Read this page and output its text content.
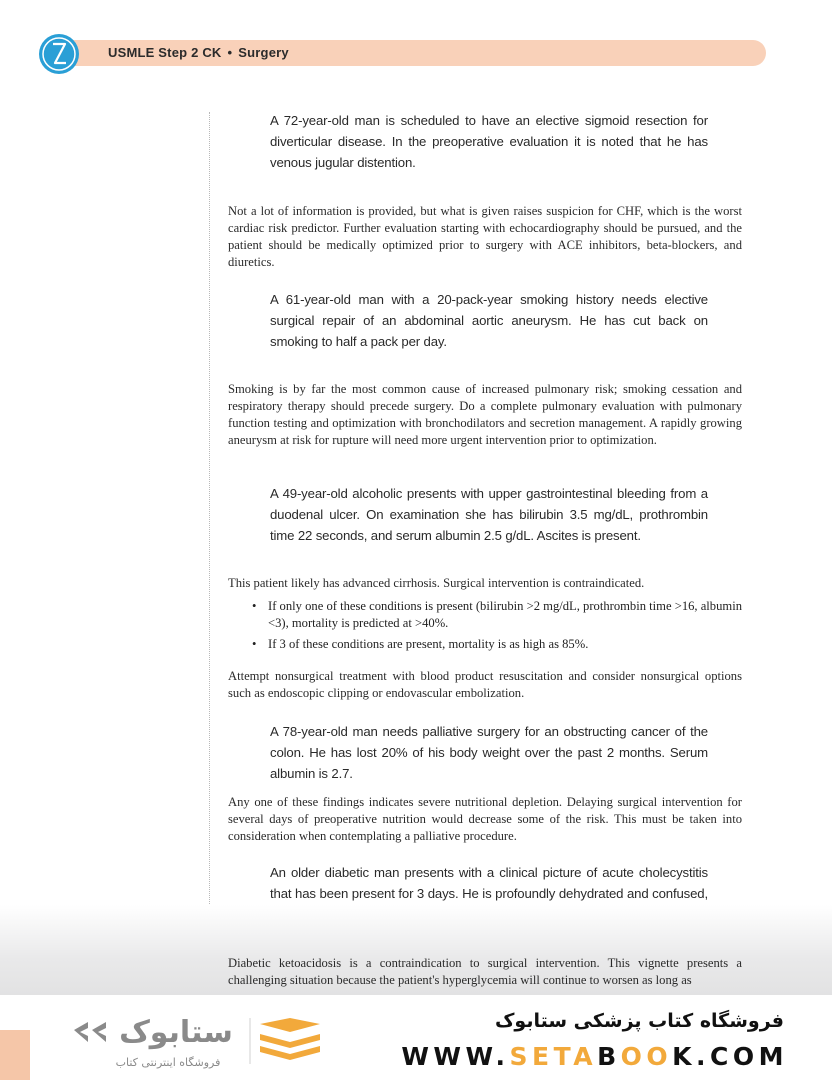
USMLE Step 2 CK • Surgery
A 72-year-old man is scheduled to have an elective sigmoid resection for diverticular disease. In the preoperative evaluation it is noted that he has venous jugular distention.
Not a lot of information is provided, but what is given raises suspicion for CHF, which is the worst cardiac risk predictor. Further evaluation starting with echocardiography should be pursued, and the patient should be medically optimized prior to surgery with ACE inhibitors, beta-blockers, and diuretics.
A 61-year-old man with a 20-pack-year smoking history needs elective surgical repair of an abdominal aortic aneurysm. He has cut back on smoking to half a pack per day.
Smoking is by far the most common cause of increased pulmonary risk; smoking cessation and respiratory therapy should precede surgery. Do a complete pulmonary evaluation with pulmonary function testing and optimization with bronchodilators and secretion management. A rapidly growing aneurysm at risk for rupture will need more urgent intervention prior to optimization.
A 49-year-old alcoholic presents with upper gastrointestinal bleeding from a duodenal ulcer. On examination she has bilirubin 3.5 mg/dL, prothrombin time 22 seconds, and serum albumin 2.5 g/dL. Ascites is present.
This patient likely has advanced cirrhosis. Surgical intervention is contraindicated.
• If only one of these conditions is present (bilirubin >2 mg/dL, prothrombin time >16, albumin <3), mortality is predicted at >40%.
• If 3 of these conditions are present, mortality is as high as 85%.
Attempt nonsurgical treatment with blood product resuscitation and consider nonsurgical options such as endoscopic clipping or endovascular embolization.
A 78-year-old man needs palliative surgery for an obstructing cancer of the colon. He has lost 20% of his body weight over the past 2 months. Serum albumin is 2.7.
Any one of these findings indicates severe nutritional depletion. Delaying surgical intervention for several days of preoperative nutrition would decrease some of the risk. This must be taken into consideration when contemplating a palliative procedure.
An older diabetic man presents with a clinical picture of acute cholecystitis that has been present for 3 days. He is profoundly dehydrated and confused,
Diabetic ketoacidosis is a contraindication to surgical intervention. This vignette presents a challenging situation because the patient's hyperglycemia will continue to worsen as long as
ستابوک
فروشگاه اینترنتی کتاب
فروشگاه کتاب پزشکی ستابوک
WWW.SETABOOK.COM
